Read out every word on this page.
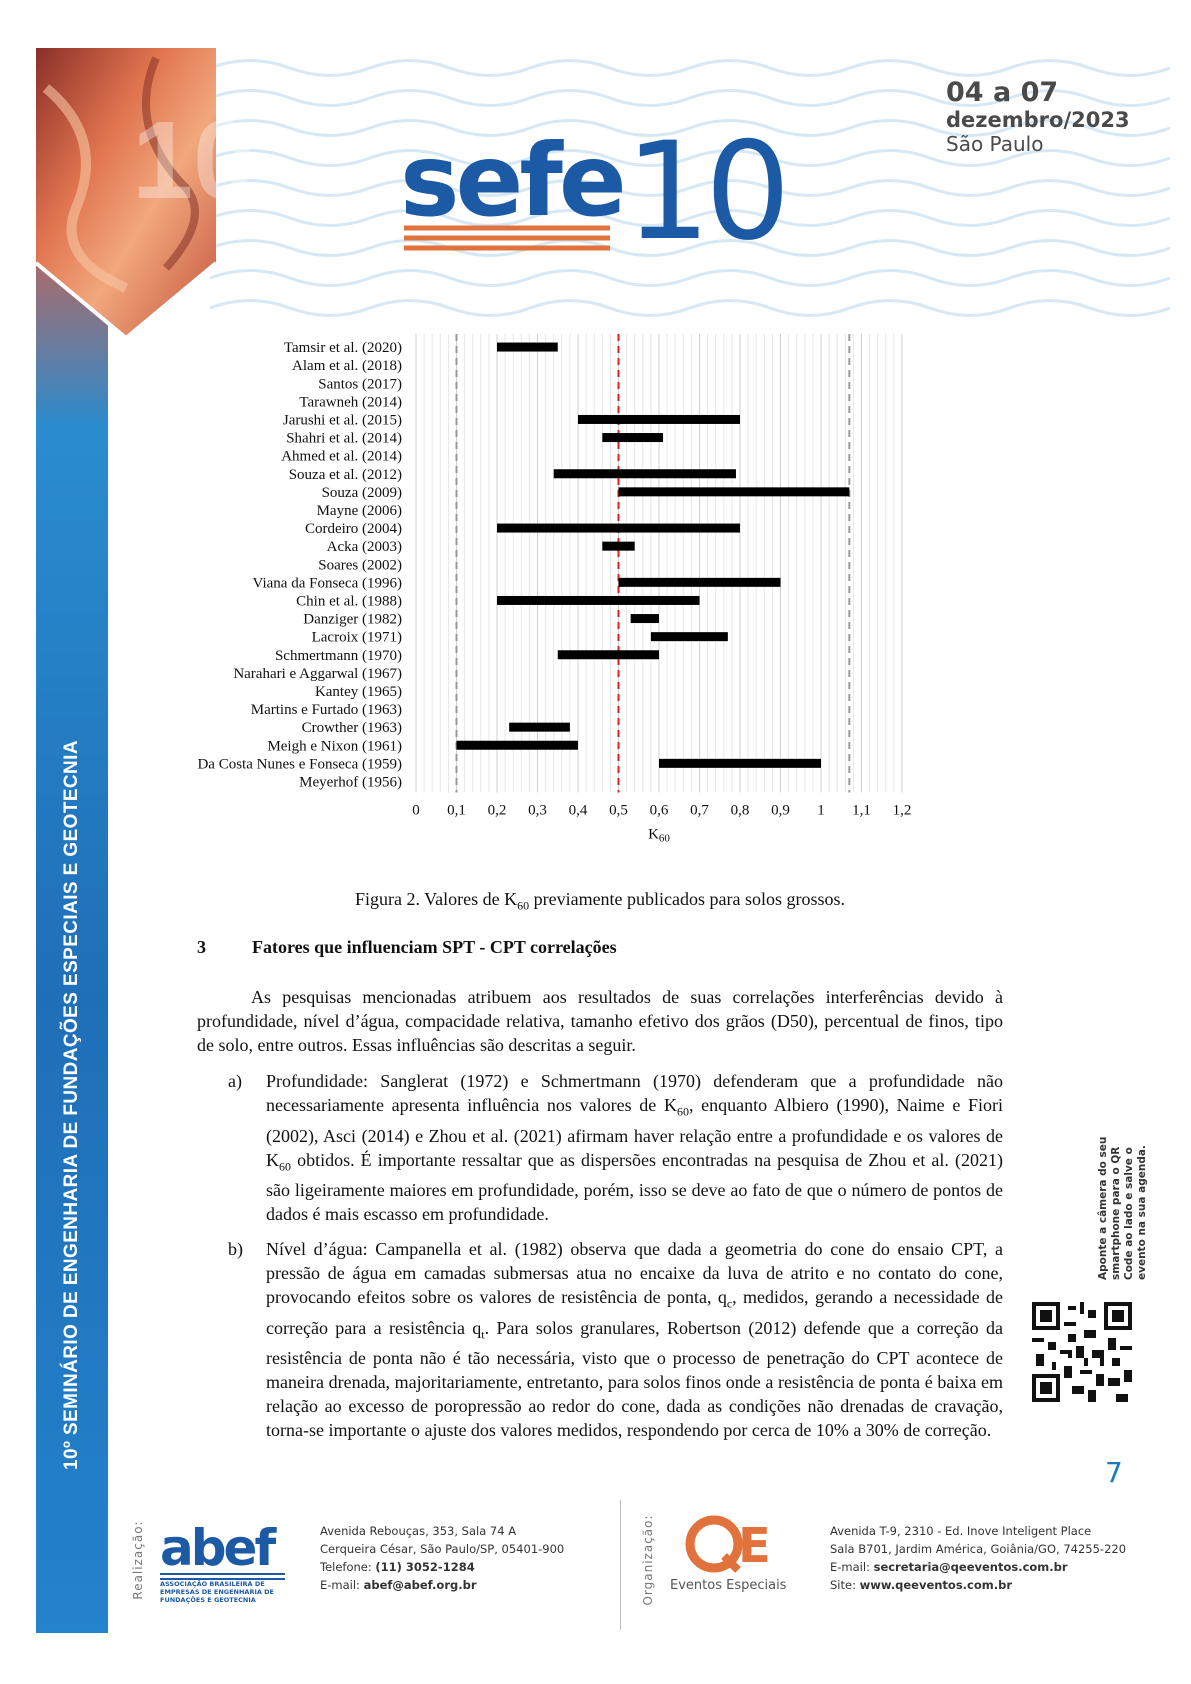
10
10º SEMINÁRIO DE ENGENHARIA DE FUNDAÇÕES ESPECIAIS E GEOTECNIA
sefe 10
04 a 07
dezembro/2023
São Paulo
Tamsir et al. (2020)
Alam et al. (2018)
Santos (2017)
Tarawneh (2014)
Jarushi et al. (2015)
Shahri et al. (2014)
Ahmed et al. (2014)
Souza et al. (2012)
Souza (2009)
Mayne (2006)
Cordeiro (2004)
Acka (2003)
Soares (2002)
Viana da Fonseca (1996)
Chin et al. (1988)
Danziger (1982)
Lacroix (1971)
Schmertmann (1970)
Narahari e Aggarwal (1967)
Kantey (1965)
Martins e Furtado (1963)
Crowther (1963)
Meigh e Nixon (1961)
Da Costa Nunes e Fonseca (1959)
Meyerhof (1956)
0 0,1 0,2 0,3 0,4 0,5 0,6 0,7 0,8 0,9 1 1,1 1,2
$K_{60}$
Figura 2. Valores de $K_{60}$ previamente publicados para solos grossos.
3	Fatores que influenciam SPT - CPT correlações
As pesquisas mencionadas atribuem aos resultados de suas correlações interferências devido à profundidade, nível d’água, compacidade relativa, tamanho efetivo dos grãos (D50), percentual de finos, tipo de solo, entre outros. Essas influências são descritas a seguir.
a)	Profundidade: Sanglerat (1972) e Schmertmann (1970) defenderam que a profundidade não necessariamente apresenta influência nos valores de $K_{60}$, enquanto Albiero (1990), Naime e Fiori (2002), Asci (2014) e Zhou et al. (2021) afirmam haver relação entre a profundidade e os valores de $K_{60}$ obtidos. É importante ressaltar que as dispersões encontradas na pesquisa de Zhou et al. (2021) são ligeiramente maiores em profundidade, porém, isso se deve ao fato de que o número de pontos de dados é mais escasso em profundidade.
b)	Nível d’água: Campanella et al. (1982) observa que dada a geometria do cone do ensaio CPT, a pressão de água em camadas submersas atua no encaixe da luva de atrito e no contato do cone, provocando efeitos sobre os valores de resistência de ponta, $q_c$, medidos, gerando a necessidade de correção para a resistência $q_t$. Para solos granulares, Robertson (2012) defende que a correção da resistência de ponta não é tão necessária, visto que o processo de penetração do CPT acontece de maneira drenada, majoritariamente, entretanto, para solos finos onde a resistência de ponta é baixa em relação ao excesso de poropressão ao redor do cone, dada as condições não drenadas de cravação, torna-se importante o ajuste dos valores medidos, respondendo por cerca de 10% a 30% de correção.
Aponte a câmera do seu smartphone para o QR Code ao lado e salve o evento na sua agenda.
7
Realização: abef
ASSOCIAÇÃO BRASILEIRA DE EMPRESAS DE ENGENHARIA DE FUNDAÇÕES E GEOTECNIA
Avenida Rebouças, 353, Sala 74 A
Cerqueira César, São Paulo/SP, 05401-900
Telefone: (11) 3052-1284
E-mail: abef@abef.org.br	Organização: E
Eventos Especiais
Avenida T-9, 2310 - Ed. Inove Inteligent Place
Sala B701, Jardim América, Goiânia/GO, 74255-220
E-mail: secretaria@qeeventos.com.br
Site: www.qeeventos.com.br
